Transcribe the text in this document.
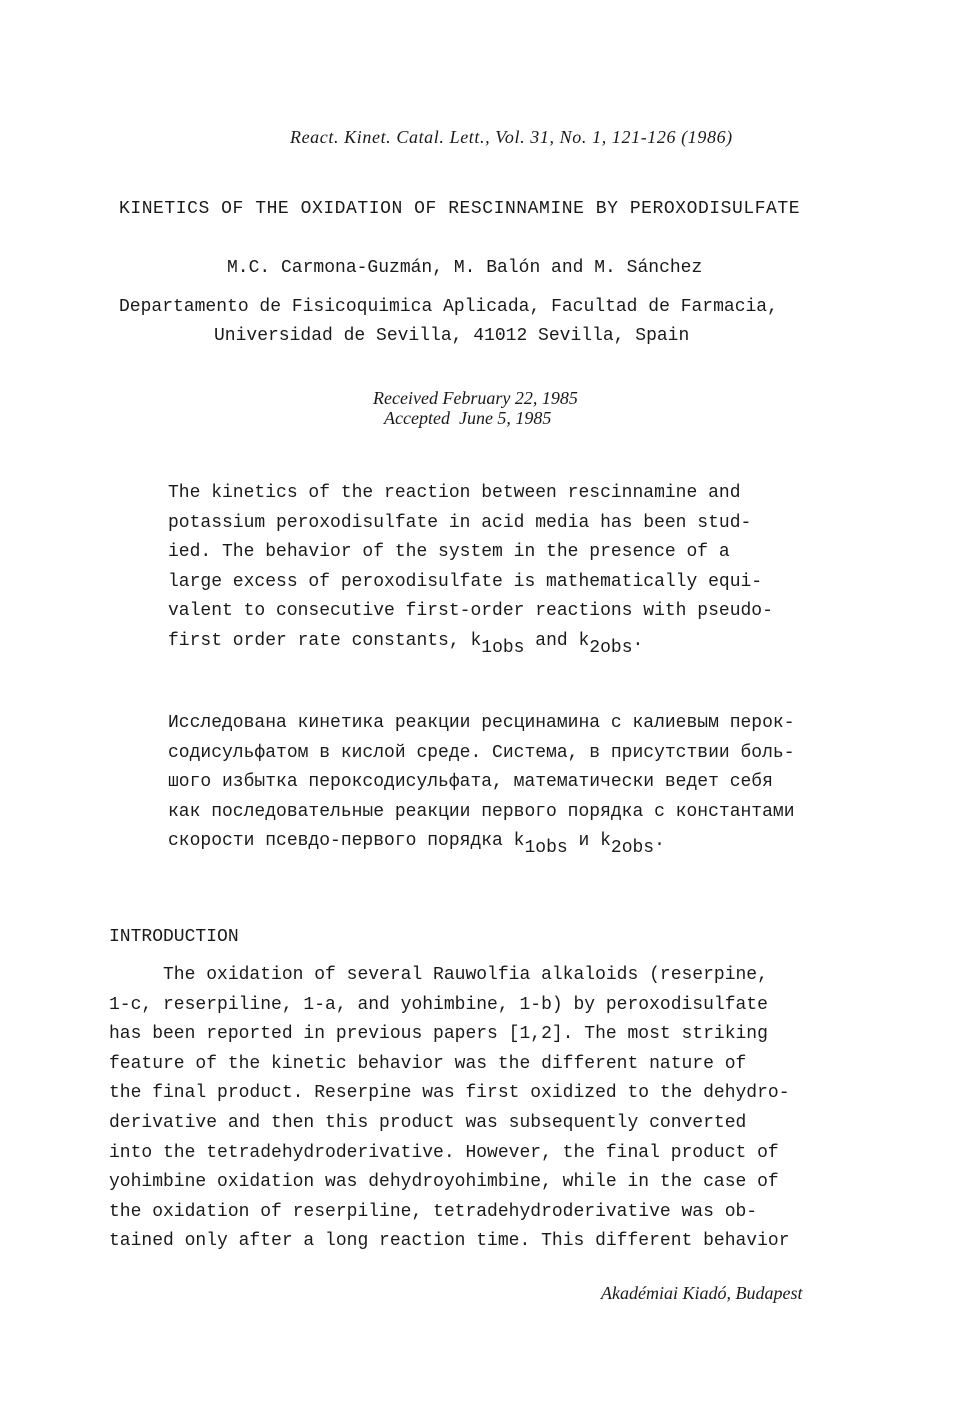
React. Kinet. Catal. Lett., Vol. 31, No. 1, 121-126 (1986)
KINETICS OF THE OXIDATION OF RESCINNAMINE BY PEROXODISULFATE
M.C. Carmona-Guzmán, M. Balón and M. Sánchez
Departamento de Fisicoquimica Aplicada, Facultad de Farmacia,
Universidad de Sevilla, 41012 Sevilla, Spain
Received February 22, 1985
Accepted  June 5, 1985
The kinetics of the reaction between rescinnamine and
potassium peroxodisulfate in acid media has been stud-
ied. The behavior of the system in the presence of a
large excess of peroxodisulfate is mathematically equi-
valent to consecutive first-order reactions with pseudo-
first order rate constants, $k_{1obs}$ and $k_{2obs}$.
Исследована кинетика реакции ресцинамина с калиевым перок-
содисульфатом в кислой среде. Система, в присутствии боль-
шого избытка пероксодисульфата, математически ведет себя
как последовательные реакции первого порядка с константами
скорости псевдо-первого порядка $k_{1obs}$ и $k_{2obs}$.
INTRODUCTION
The oxidation of several Rauwolfia alkaloids (reserpine,
1-c, reserpiline, 1-a, and yohimbine, 1-b) by peroxodisulfate
has been reported in previous papers [1,2]. The most striking
feature of the kinetic behavior was the different nature of
the final product. Reserpine was first oxidized to the dehydro-
derivative and then this product was subsequently converted
into the tetradehydroderivative. However, the final product of
yohimbine oxidation was dehydroyohimbine, while in the case of
the oxidation of reserpiline, tetradehydroderivative was ob-
tained only after a long reaction time. This different behavior
Akadémiai Kiadó, Budapest
